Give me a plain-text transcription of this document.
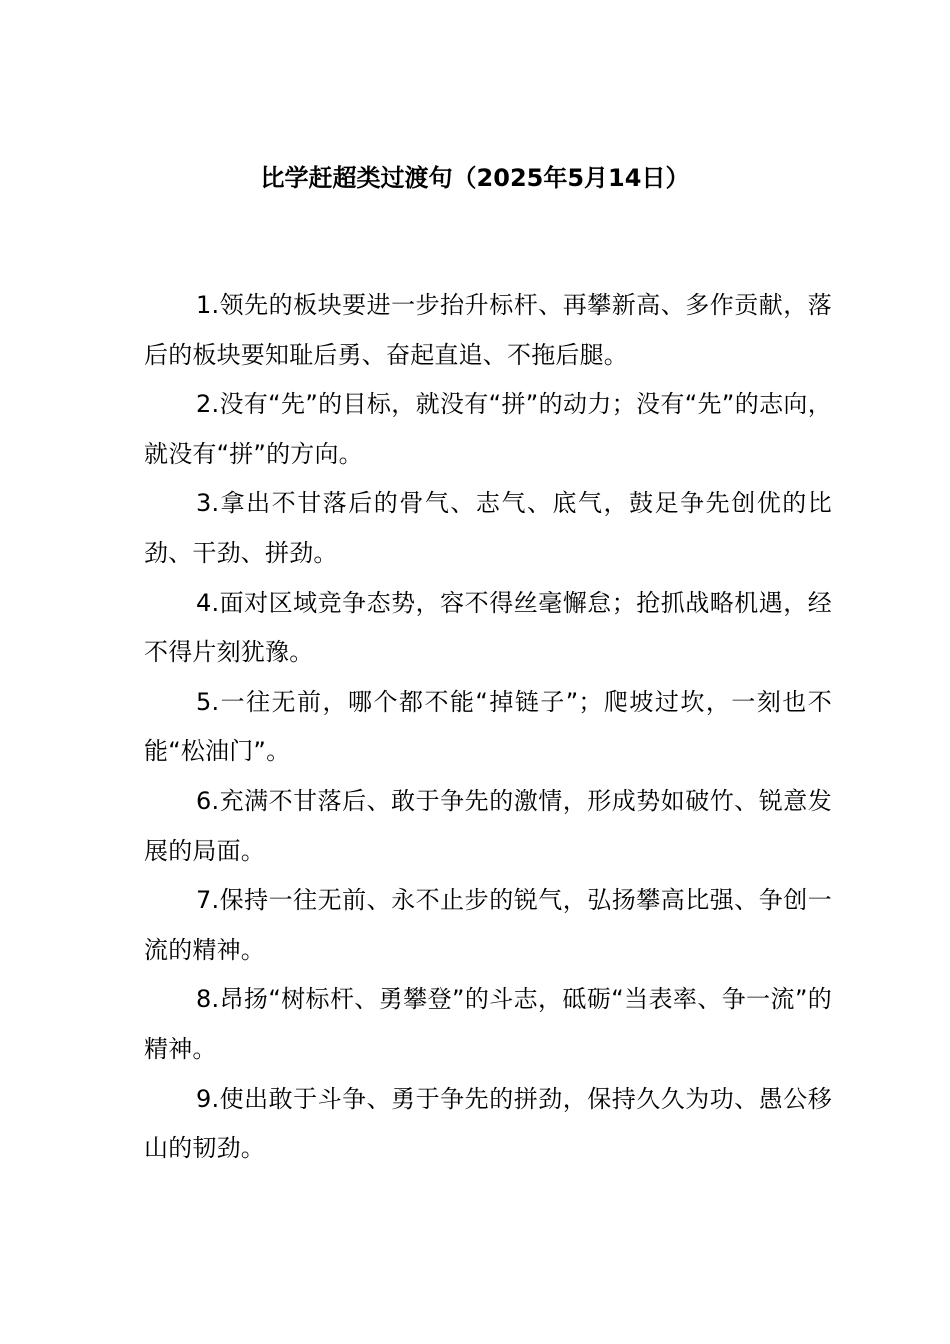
比学赶超类过渡句（2025年5月14日）

1.领先的板块要进一步抬升标杆、再攀新高、多作贡献，落后的板块要知耻后勇、奋起直追、不拖后腿。

2.没有“先”的目标，就没有“拼”的动力；没有“先”的志向，就没有“拼”的方向。

3.拿出不甘落后的骨气、志气、底气，鼓足争先创优的比劲、干劲、拼劲。

4.面对区域竞争态势，容不得丝毫懈怠；抢抓战略机遇，经不得片刻犹豫。

5.一往无前，哪个都不能“掉链子”；爬坡过坎，一刻也不能“松油门”。

6.充满不甘落后、敢于争先的激情，形成势如破竹、锐意发展的局面。

7.保持一往无前、永不止步的锐气，弘扬攀高比强、争创一流的精神。

8.昂扬“树标杆、勇攀登”的斗志，砥砺“当表率、争一流”的精神。

9.使出敢于斗争、勇于争先的拼劲，保持久久为功、愚公移山的韧劲。
